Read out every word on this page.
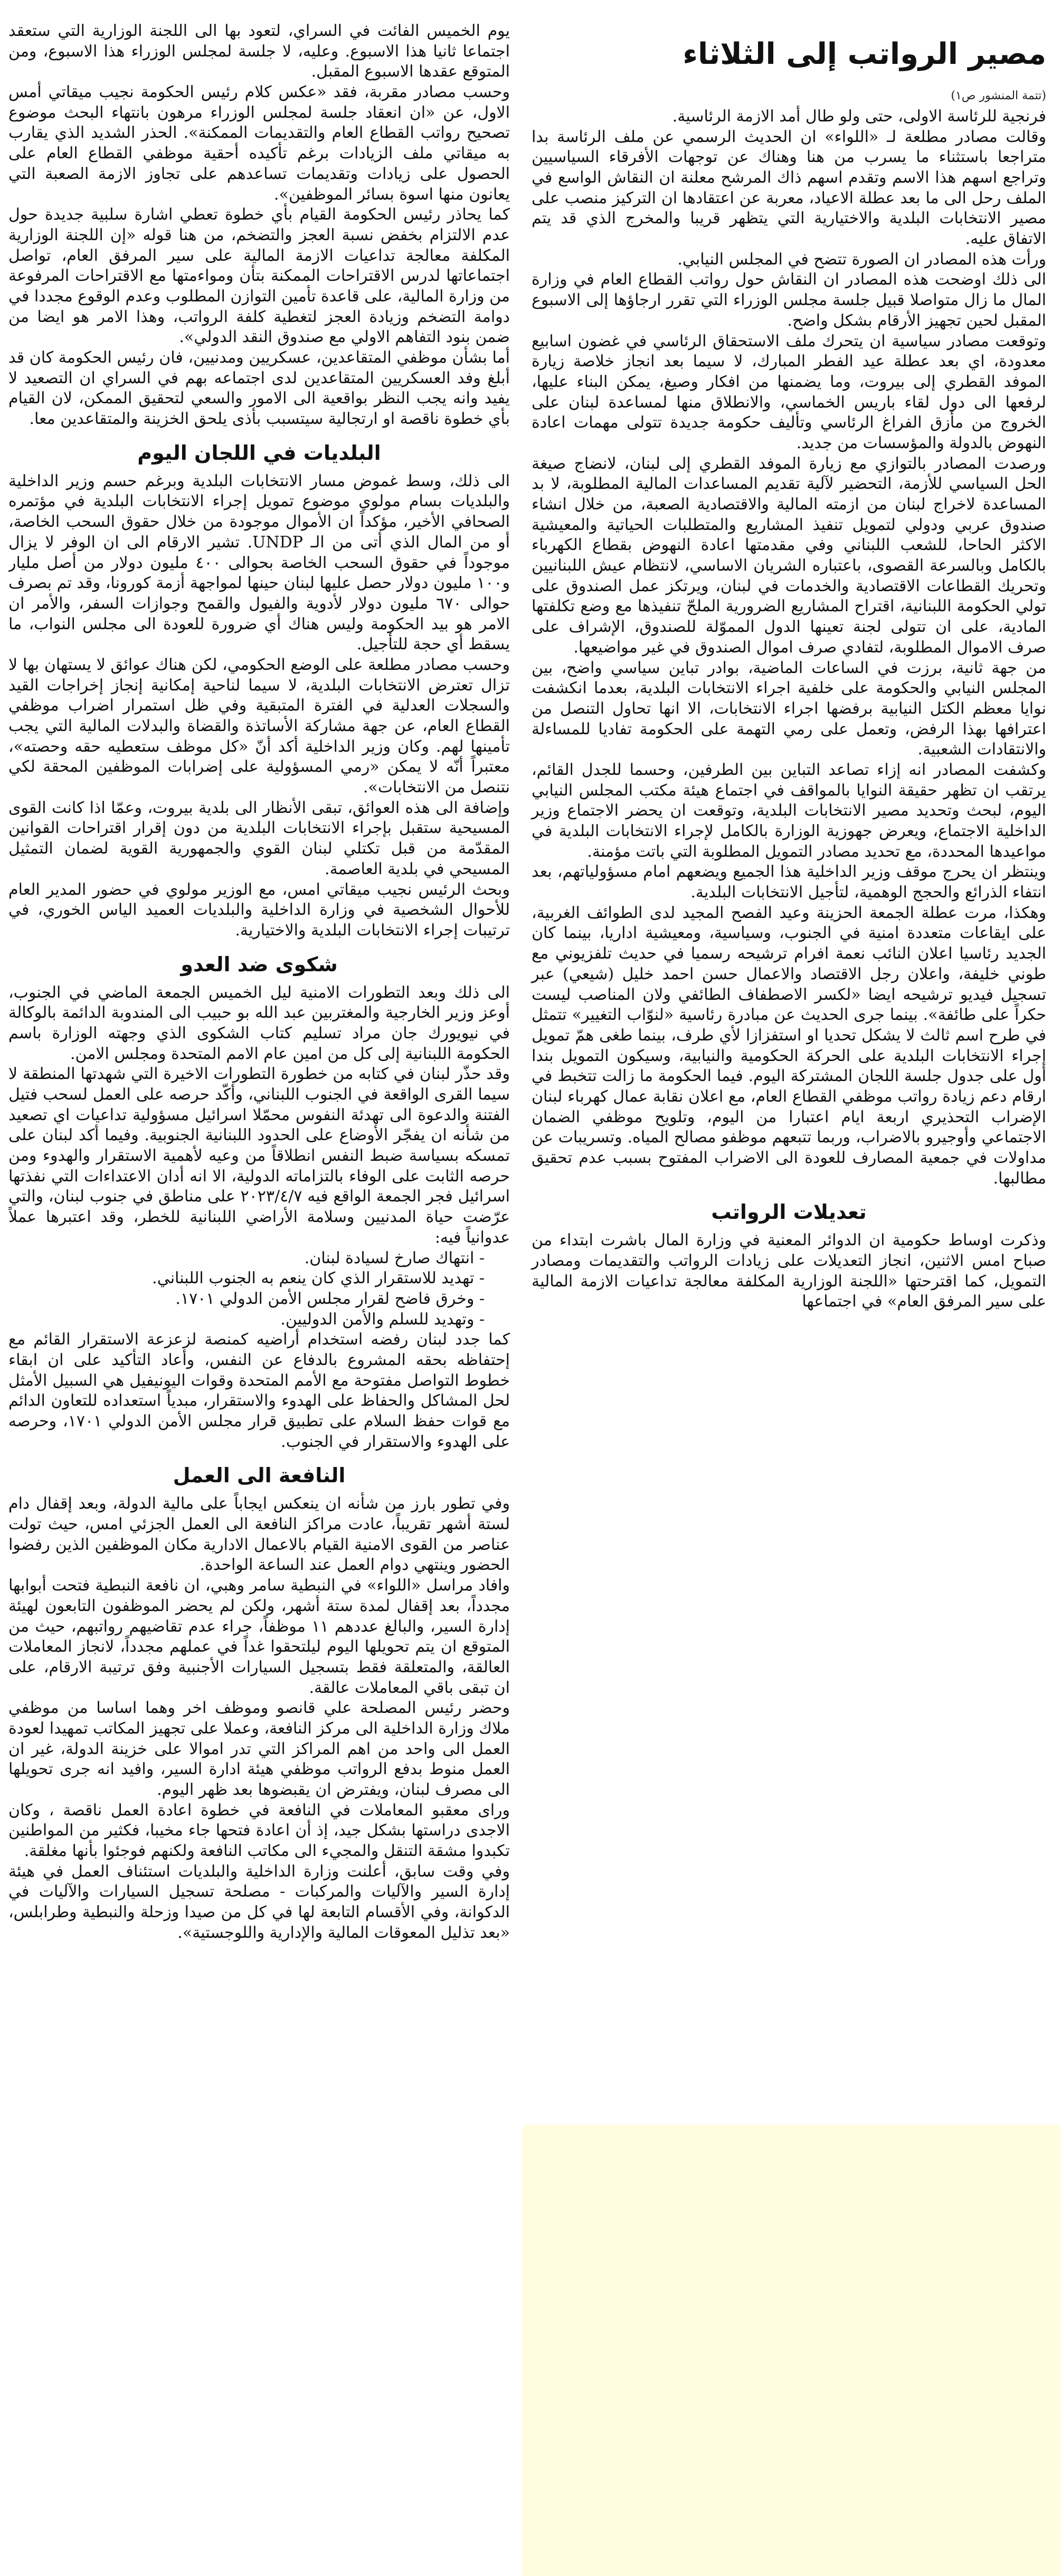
مصير الرواتب إلى الثلاثاء
(تتمة المنشور ص١)

فرنجية للرئاسة الاولى، حتى ولو طال أمد الازمة الرئاسية.

وقالت مصادر مطلعة لـ «اللواء» ان الحديث الرسمي عن ملف الرئاسة بدا متراجعا باستثناء ما يسرب من هنا وهناك عن توجهات الأفرقاء السياسيين وتراجع اسهم هذا الاسم وتقدم اسهم ذاك المرشح معلنة ان النقاش الواسع في الملف رحل الى ما بعد عطلة الاعياد، معربة عن اعتقادها ان التركيز منصب على مصير الانتخابات البلدية والاختيارية التي يتظهر قريبا والمخرج الذي قد يتم الاتفاق عليه.

ورأت هذه المصادر ان الصورة تتضح في المجلس النيابي.

الى ذلك اوضحت هذه المصادر ان النقاش حول رواتب القطاع العام في وزارة المال ما زال متواصلا قبيل جلسة مجلس الوزراء التي تقرر ارجاؤها إلى الاسبوع المقبل لحين تجهيز الأرقام بشكل واضح.

وتوقعت مصادر سياسية ان يتحرك ملف الاستحقاق الرئاسي في غضون اسابيع معدودة، اي بعد عطلة عيد الفطر المبارك، لا سيما بعد انجاز خلاصة زيارة الموفد القطري إلى بيروت، وما يضمنها من افكار وصيغ، يمكن البناء عليها، لرفعها الى دول لقاء باريس الخماسي، والانطلاق منها لمساعدة لبنان على الخروج من مأزق الفراغ الرئاسي وتأليف حكومة جديدة تتولى مهمات اعادة النهوض بالدولة والمؤسسات من جديد.

ورصدت المصادر بالتوازي مع زيارة الموفد القطري إلى لبنان، لانضاج صيغة الحل السياسي للأزمة، التحضير لآلية تقديم المساعدات المالية المطلوبة، لا بد المساعدة لاخراج لبنان من ازمته المالية والاقتصادية الصعبة، من خلال انشاء صندوق عربي ودولي لتمويل تنفيذ المشاريع والمتطلبات الحياتية والمعيشية الاكثر الحاحا، للشعب اللبناني وفي مقدمتها اعادة النهوض بقطاع الكهرباء بالكامل وبالسرعة القصوى، باعتباره الشريان الاساسي، لانتظام عيش اللبنانيين وتحريك القطاعات الاقتصادية والخدمات في لبنان، ويرتكز عمل الصندوق على تولي الحكومة اللبنانية، اقتراح المشاريع الضرورية الملحّ تنفيذها مع وضع تكلفتها المادية، على ان تتولى لجنة تعينها الدول المموّلة للصندوق، الإشراف على صرف الاموال المطلوبة، لتفادي صرف اموال الصندوق في غير مواضيعها.

من جهة ثانية، برزت في الساعات الماضية، بوادر تباين سياسي واضح، بين المجلس النيابي والحكومة على خلفية اجراء الانتخابات البلدية، بعدما انكشفت نوايا معظم الكتل النيابية برفضها اجراء الانتخابات، الا انها تحاول التنصل من اعترافها بهذا الرفض، وتعمل على رمي التهمة على الحكومة تفاديا للمساءلة والانتقادات الشعبية.

وكشفت المصادر انه إزاء تصاعد التباين بين الطرفين، وحسما للجدل القائم، يرتقب ان تظهر حقيقة النوايا بالمواقف في اجتماع هيئة مكتب المجلس النيابي اليوم، لبحث وتحديد مصير الانتخابات البلدية، وتوقعت ان يحضر الاجتماع وزير الداخلية الاجتماع، ويعرض جهوزية الوزارة بالكامل لإجراء الانتخابات البلدية في مواعيدها المحددة، مع تحديد مصادر التمويل المطلوبة التي باتت مؤمنة.

وينتظر ان يحرج موقف وزير الداخلية هذا الجميع ويضعهم امام مسؤولياتهم، بعد انتفاء الذرائع والحجج الوهمية، لتأجيل الانتخابات البلدية.

وهكذا، مرت عطلة الجمعة الحزينة وعيد الفصح المجيد لدى الطوائف الغربية، على ايقاعات متعددة امنية في الجنوب، وسياسية، ومعيشية اداريا، بينما كان الجديد رئاسيا اعلان النائب نعمة افرام ترشيحه رسميا في حديث تلفزيوني مع طوني خليفة، واعلان رجل الاقتصاد والاعمال حسن احمد خليل (شيعي) عبر تسجيل فيديو ترشيحه ايضا «لكسر الاصطفاف الطائفي ولان المناصب ليست حكراً على طائفة». بينما جرى الحديث عن مبادرة رئاسية «لنوّاب التغيير» تتمثل في طرح اسم ثالث لا يشكل تحديا او استفزازا لأي طرف، بينما طغى همّ تمويل إجراء الانتخابات البلدية على الحركة الحكومية والنيابية، وسيكون التمويل بندا أول على جدول جلسة اللجان المشتركة اليوم. فيما الحكومة ما زالت تتخبط في ارقام دعم زيادة رواتب موظفي القطاع العام، مع اعلان نقابة عمال كهرباء لبنان الإضراب التحذيري اربعة ايام اعتبارا من اليوم، وتلويح موظفي الضمان الاجتماعي وأوجيرو بالاضراب، وربما تتبعهم موظفو مصالح المياه. وتسريبات عن مداولات في جمعية المصارف للعودة الى الاضراب المفتوح بسبب عدم تحقيق مطالبها.

تعديلات الرواتب

وذكرت اوساط حكومية ان الدوائر المعنية في وزارة المال باشرت ابتداء من صباح امس الاثنين، انجاز التعديلات على زيادات الرواتب والتقديمات ومصادر التمويل، كما اقترحتها «اللجنة الوزارية المكلفة معالجة تداعيات الازمة المالية على سير المرفق العام» في اجتماعها

يوم الخميس الفائت في السراي، لتعود بها الى اللجنة الوزارية التي ستعقد اجتماعا ثانيا هذا الاسبوع. وعليه، لا جلسة لمجلس الوزراء هذا الاسبوع، ومن المتوقع عقدها الاسبوع المقبل.

وحسب مصادر مقربة، فقد «عكس كلام رئيس الحكومة نجيب ميقاتي أمس الاول، عن «ان انعقاد جلسة لمجلس الوزراء مرهون بانتهاء البحث موضوع تصحيح رواتب القطاع العام والتقديمات الممكنة». الحذر الشديد الذي يقارب به ميقاتي ملف الزيادات برغم تأكيده أحقية موظفي القطاع العام على الحصول على زيادات وتقديمات تساعدهم على تجاوز الازمة الصعبة التي يعانون منها اسوة بسائر الموظفين».

كما يحاذر رئيس الحكومة القيام بأي خطوة تعطي اشارة سلبية جديدة حول عدم الالتزام بخفض نسبة العجز والتضخم، من هنا قوله «إن اللجنة الوزارية المكلفة معالجة تداعيات الازمة المالية على سير المرفق العام، تواصل اجتماعاتها لدرس الاقتراحات الممكنة بتأن ومواءمتها مع الاقتراحات المرفوعة من وزارة المالية، على قاعدة تأمين التوازن المطلوب وعدم الوقوع مجددا في دوامة التضخم وزيادة العجز لتغطية كلفة الرواتب، وهذا الامر هو ايضا من ضمن بنود التفاهم الاولي مع صندوق النقد الدولي».

أما بشأن موظفي المتقاعدين، عسكريين ومدنيين، فان رئيس الحكومة كان قد أبلغ وفد العسكريين المتقاعدين لدى اجتماعه بهم في السراي ان التصعيد لا يفيد وانه يجب النظر بواقعية الى الامور والسعي لتحقيق الممكن، لان القيام بأي خطوة ناقصة او ارتجالية سيتسبب بأذى يلحق الخزينة والمتقاعدين معا.

البلديات في اللجان اليوم

الى ذلك، وسط غموض مسار الانتخابات البلدية وبرغم حسم وزير الداخلية والبلديات بسام مولوي موضوع تمويل إجراء الانتخابات البلدية في مؤتمره الصحافي الأخير، مؤكداً ان الأموال موجودة من خلال حقوق السحب الخاصة، أو من المال الذي أتى من الـ UNDP. تشير الارقام الى ان الوفر لا يزال موجوداً في حقوق السحب الخاصة بحوالى ٤٠٠ مليون دولار من أصل مليار و١٠٠ مليون دولار حصل عليها لبنان حينها لمواجهة أزمة كورونا، وقد تم بصرف حوالى ٦٧٠ مليون دولار لأدوية والفيول والقمح وجوازات السفر، والأمر ان الامر هو بيد الحكومة وليس هناك أي ضرورة للعودة الى مجلس النواب، ما يسقط أي حجة للتأجيل.

وحسب مصادر مطلعة على الوضع الحكومي، لكن هناك عوائق لا يستهان بها لا تزال تعترض الانتخابات البلدية، لا سيما لناحية إمكانية إنجاز إخراجات القيد والسجلات العدلية في الفترة المتبقية وفي ظل استمرار اضراب موظفي القطاع العام، عن جهة مشاركة الأساتذة والقضاة والبدلات المالية التي يجب تأمينها لهم. وكان وزير الداخلية أكد أنّ «كل موظف ستعطيه حقه وحصته»، معتبراً أنّه لا يمكن «رمي المسؤولية على إضرابات الموظفين المحقة لكي نتنصل من الانتخابات».

وإضافة الى هذه العوائق، تبقى الأنظار الى بلدية بيروت، وعمّا اذا كانت القوى المسيحية ستقبل بإجراء الانتخابات البلدية من دون إقرار اقتراحات القوانين المقدّمة من قبل تكتلي لبنان القوي والجمهورية القوية لضمان التمثيل المسيحي في بلدية العاصمة.

وبحث الرئيس نجيب ميقاتي امس، مع الوزير مولوي في حضور المدير العام للأحوال الشخصية في وزارة الداخلية والبلديات العميد الياس الخوري، في ترتيبات إجراء الانتخابات البلدية والاختيارية.

شكوى ضد العدو

الى ذلك وبعد التطورات الامنية ليل الخميس الجمعة الماضي في الجنوب، أوعز وزير الخارجية والمغتربين عبد الله بو حبيب الى المندوبة الدائمة بالوكالة في نيويورك جان مراد تسليم كتاب الشكوى الذي وجهته الوزارة باسم الحكومة اللبنانية إلى كل من امين عام الامم المتحدة ومجلس الامن.

وقد حذّر لبنان في كتابه من خطورة التطورات الاخيرة التي شهدتها المنطقة لا سيما القرى الواقعة في الجنوب اللبناني، وأكّد حرصه على العمل لسحب فتيل الفتنة والدعوة الى تهدئة النفوس محمّلا اسرائيل مسؤولية تداعيات اي تصعيد من شأنه ان يفجّر الأوضاع على الحدود اللبنانية الجنوبية. وفيما أكد لبنان على تمسكه بسياسة ضبط النفس انطلاقاً من وعيه لأهمية الاستقرار والهدوء ومن حرصه الثابت على الوفاء بالتزاماته الدولية، الا انه أدان الاعتداءات التي نفذتها اسرائيل فجر الجمعة الواقع فيه ٢٠٢٣/٤/٧ على مناطق في جنوب لبنان، والتي عرّضت حياة المدنيين وسلامة الأراضي اللبنانية للخطر، وقد اعتبرها عملاً عدوانياً فيه:

- انتهاك صارخ لسيادة لبنان.
- تهديد للاستقرار الذي كان ينعم به الجنوب اللبناني.
- وخرق فاضح لقرار مجلس الأمن الدولي ١٧٠١.
- وتهديد للسلم والأمن الدوليين.

كما جدد لبنان رفضه استخدام أراضيه كمنصة لزعزعة الاستقرار القائم مع إحتفاظه بحقه المشروع بالدفاع عن النفس، وأعاد التأكيد على ان ابقاء خطوط التواصل مفتوحة مع الأمم المتحدة وقوات اليونيفيل هي السبيل الأمثل لحل المشاكل والحفاظ على الهدوء والاستقرار، مبدياً استعداده للتعاون الدائم مع قوات حفظ السلام على تطبيق قرار مجلس الأمن الدولي ١٧٠١، وحرصه على الهدوء والاستقرار في الجنوب.

النافعة الى العمل

وفي تطور بارز من شأنه ان ينعكس ايجاباً على مالية الدولة، وبعد إقفال دام لستة أشهر تقريباً، عادت مراكز النافعة الى العمل الجزئي امس، حيث تولت عناصر من القوى الامنية القيام بالاعمال الادارية مكان الموظفين الذين رفضوا الحضور وينتهي دوام العمل عند الساعة الواحدة.

وافاد مراسل «اللواء» في النبطية سامر وهبي، ان نافعة النبطية فتحت أبوابها مجدداً، بعد إقفال لمدة ستة أشهر، ولكن لم يحضر الموظفون التابعون لهيئة إدارة السير، والبالغ عددهم ١١ موظفاً، جراء عدم تقاضيهم رواتبهم، حيث من المتوقع ان يتم تحويلها اليوم ليلتحقوا غداً في عملهم مجدداً، لانجاز المعاملات العالقة، والمتعلقة فقط بتسجيل السيارات الأجنبية وفق ترتيبة الارقام، على ان تبقى باقي المعاملات عالقة.

وحضر رئيس المصلحة علي قانصو وموظف اخر وهما اساسا من موظفي ملاك وزارة الداخلية الى مركز النافعة، وعملا على تجهيز المكاتب تمهيدا لعودة العمل الى واحد من اهم المراكز التي تدر اموالا على خزينة الدولة، غير ان العمل منوط بدفع الرواتب موظفي هيئة ادارة السير، وافيد انه جرى تحويلها الى مصرف لبنان، ويفترض ان يقبضوها بعد ظهر اليوم.

وراى معقبو المعاملات في النافعة في خطوة اعادة العمل ناقصة ، وكان الاجدى دراستها بشكل جيد، إذ أن اعادة فتحها جاء مخيبا، فكثير من المواطنين تكبدوا مشقة التنقل والمجيء الى مكاتب النافعة ولكنهم فوجئوا بأنها مغلقة.

وفي وقت سابق، أعلنت وزارة الداخلية والبلديات استئناف العمل في هيئة إدارة السير والآليات والمركبات - مصلحة تسجيل السيارات والآليات في الدكوانة، وفي الأقسام التابعة لها في كل من صيدا وزحلة والنبطية وطرابلس، «بعد تذليل المعوقات المالية والإدارية واللوجستية».
